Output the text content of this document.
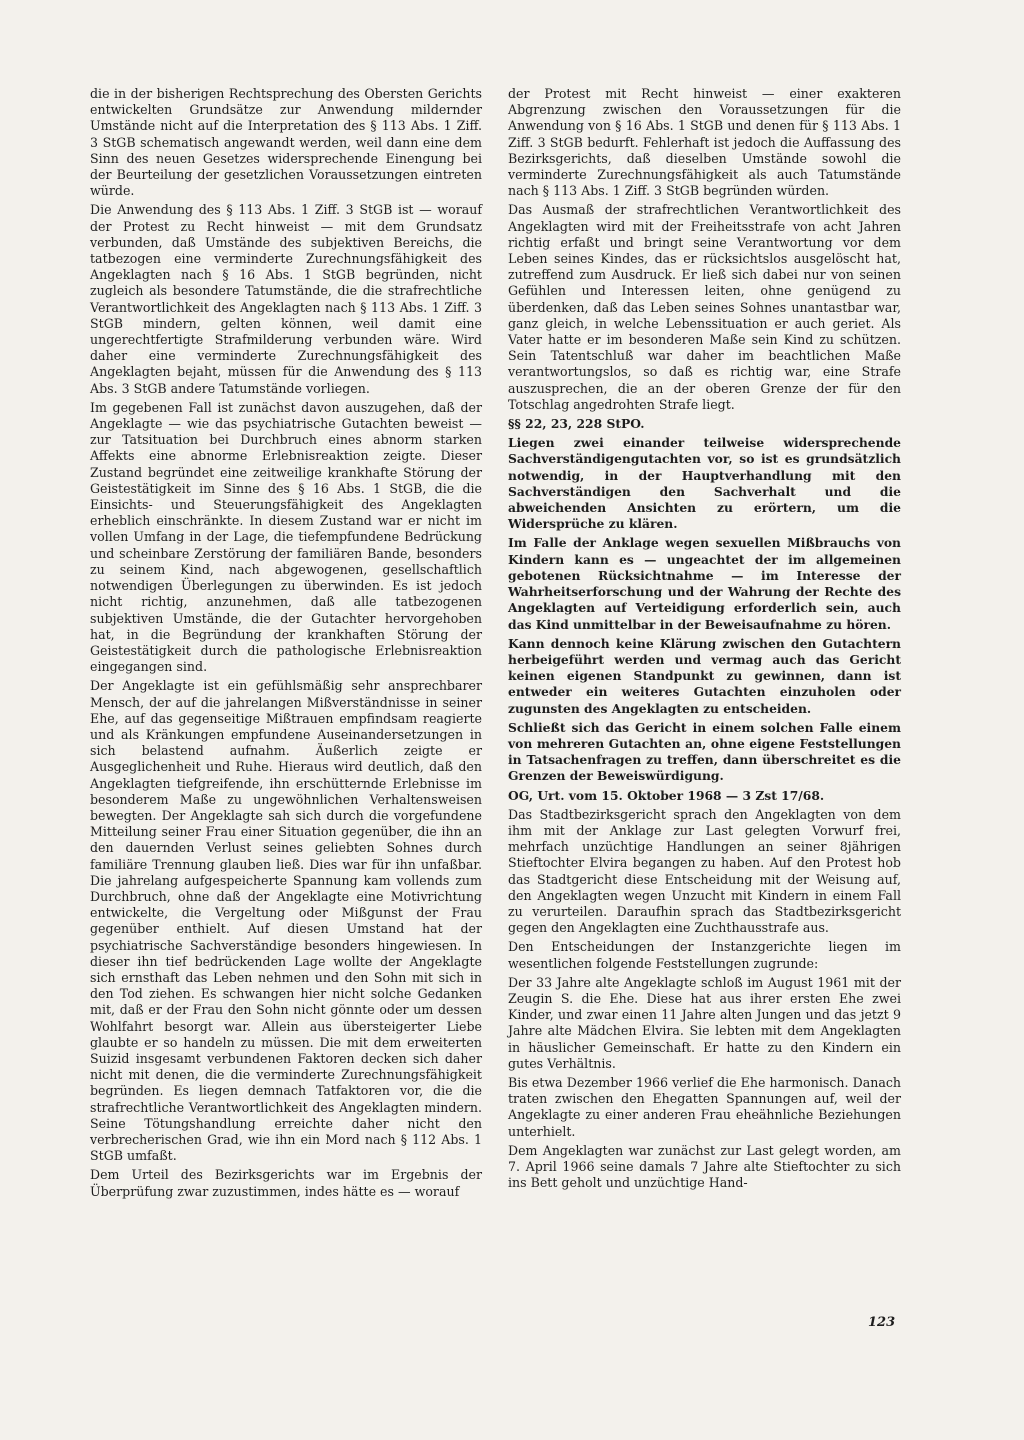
die in der bisherigen Rechtsprechung des Obersten Gerichts entwickelten Grundsätze zur Anwendung mildernder Umstände nicht auf die Interpretation des § 113 Abs. 1 Ziff. 3 StGB schematisch angewandt werden, weil dann eine dem Sinn des neuen Gesetzes widersprechende Einengung bei der Beurteilung der gesetzlichen Voraussetzungen eintreten würde.

Die Anwendung des § 113 Abs. 1 Ziff. 3 StGB ist — worauf der Protest zu Recht hinweist — mit dem Grundsatz verbunden, daß Umstände des subjektiven Bereichs, die tatbezogen eine verminderte Zurechnungsfähigkeit des Angeklagten nach § 16 Abs. 1 StGB begründen, nicht zugleich als besondere Tatumstände, die die strafrechtliche Verantwortlichkeit des Angeklagten nach § 113 Abs. 1 Ziff. 3 StGB mindern, gelten können, weil damit eine ungerechtfertigte Strafmilderung verbunden wäre. Wird daher eine verminderte Zurechnungsfähigkeit des Angeklagten bejaht, müssen für die Anwendung des § 113 Abs. 3 StGB andere Tatumstände vorliegen.

Im gegebenen Fall ist zunächst davon auszugehen, daß der Angeklagte — wie das psychiatrische Gutachten beweist — zur Tatsituation bei Durchbruch eines abnorm starken Affekts eine abnorme Erlebnisreaktion zeigte. Dieser Zustand begründet eine zeitweilige krankhafte Störung der Geistestätigkeit im Sinne des § 16 Abs. 1 StGB, die die Einsichts- und Steuerungsfähigkeit des Angeklagten erheblich einschränkte. In diesem Zustand war er nicht im vollen Umfang in der Lage, die tiefempfundene Bedrückung und scheinbare Zerstörung der familiären Bande, besonders zu seinem Kind, nach abgewogenen, gesellschaftlich notwendigen Überlegungen zu überwinden. Es ist jedoch nicht richtig, anzunehmen, daß alle tatbezogenen subjektiven Umstände, die der Gutachter hervorgehoben hat, in die Begründung der krankhaften Störung der Geistestätigkeit durch die pathologische Erlebnisreaktion eingegangen sind.

Der Angeklagte ist ein gefühlsmäßig sehr ansprechbarer Mensch, der auf die jahrelangen Mißverständnisse in seiner Ehe, auf das gegenseitige Mißtrauen empfindsam reagierte und als Kränkungen empfundene Auseinandersetzungen in sich belastend aufnahm. Äußerlich zeigte er Ausgeglichenheit und Ruhe. Hieraus wird deutlich, daß den Angeklagten tiefgreifende, ihn erschütternde Erlebnisse im besonderem Maße zu ungewöhnlichen Verhaltensweisen bewegten. Der Angeklagte sah sich durch die vorgefundene Mitteilung seiner Frau einer Situation gegenüber, die ihn an den dauernden Verlust seines geliebten Sohnes durch familiäre Trennung glauben ließ. Dies war für ihn unfaßbar. Die jahrelang aufgespeicherte Spannung kam vollends zum Durchbruch, ohne daß der Angeklagte eine Motivrichtung entwickelte, die Vergeltung oder Mißgunst der Frau gegenüber enthielt. Auf diesen Umstand hat der psychiatrische Sachverständige besonders hingewiesen. In dieser ihn tief bedrückenden Lage wollte der Angeklagte sich ernsthaft das Leben nehmen und den Sohn mit sich in den Tod ziehen. Es schwangen hier nicht solche Gedanken mit, daß er der Frau den Sohn nicht gönnte oder um dessen Wohlfahrt besorgt war. Allein aus übersteigerter Liebe glaubte er so handeln zu müssen. Die mit dem erweiterten Suizid insgesamt verbundenen Faktoren decken sich daher nicht mit denen, die die verminderte Zurechnungsfähigkeit begründen. Es liegen demnach Tatfaktoren vor, die die strafrechtliche Verantwortlichkeit des Angeklagten mindern. Seine Tötungshandlung erreichte daher nicht den verbrecherischen Grad, wie ihn ein Mord nach § 112 Abs. 1 StGB umfaßt.

Dem Urteil des Bezirksgerichts war im Ergebnis der Überprüfung zwar zuzustimmen, indes hätte es — worauf

der Protest mit Recht hinweist — einer exakteren Abgrenzung zwischen den Voraussetzungen für die Anwendung von § 16 Abs. 1 StGB und denen für § 113 Abs. 1 Ziff. 3 StGB bedurft. Fehlerhaft ist jedoch die Auffassung des Bezirksgerichts, daß dieselben Umstände sowohl die verminderte Zurechnungsfähigkeit als auch Tatumstände nach § 113 Abs. 1 Ziff. 3 StGB begründen würden.

Das Ausmaß der strafrechtlichen Verantwortlichkeit des Angeklagten wird mit der Freiheitsstrafe von acht Jahren richtig erfaßt und bringt seine Verantwortung vor dem Leben seines Kindes, das er rücksichtslos ausgelöscht hat, zutreffend zum Ausdruck. Er ließ sich dabei nur von seinen Gefühlen und Interessen leiten, ohne genügend zu überdenken, daß das Leben seines Sohnes unantastbar war, ganz gleich, in welche Lebenssituation er auch geriet. Als Vater hatte er im besonderen Maße sein Kind zu schützen. Sein Tatentschluß war daher im beachtlichen Maße verantwortungslos, so daß es richtig war, eine Strafe auszusprechen, die an der oberen Grenze der für den Totschlag angedrohten Strafe liegt.

§§ 22, 23, 228 StPO.

Liegen zwei einander teilweise widersprechende Sachverständigengutachten vor, so ist es grundsätzlich notwendig, in der Hauptverhandlung mit den Sachverständigen den Sachverhalt und die abweichenden Ansichten zu erörtern, um die Widersprüche zu klären.

Im Falle der Anklage wegen sexuellen Mißbrauchs von Kindern kann es — ungeachtet der im allgemeinen gebotenen Rücksichtnahme — im Interesse der Wahrheitserforschung und der Wahrung der Rechte des Angeklagten auf Verteidigung erforderlich sein, auch das Kind unmittelbar in der Beweisaufnahme zu hören.

Kann dennoch keine Klärung zwischen den Gutachtern herbeigeführt werden und vermag auch das Gericht keinen eigenen Standpunkt zu gewinnen, dann ist entweder ein weiteres Gutachten einzuholen oder zugunsten des Angeklagten zu entscheiden.

Schließt sich das Gericht in einem solchen Falle einem von mehreren Gutachten an, ohne eigene Feststellungen in Tatsachenfragen zu treffen, dann überschreitet es die Grenzen der Beweiswürdigung.

OG, Urt. vom 15. Oktober 1968 — 3 Zst 17/68.

Das Stadtbezirksgericht sprach den Angeklagten von dem ihm mit der Anklage zur Last gelegten Vorwurf frei, mehrfach unzüchtige Handlungen an seiner 8jährigen Stieftochter Elvira begangen zu haben. Auf den Protest hob das Stadtgericht diese Entscheidung mit der Weisung auf, den Angeklagten wegen Unzucht mit Kindern in einem Fall zu verurteilen. Daraufhin sprach das Stadtbezirksgericht gegen den Angeklagten eine Zuchthausstrafe aus.

Den Entscheidungen der Instanzgerichte liegen im wesentlichen folgende Feststellungen zugrunde:

Der 33 Jahre alte Angeklagte schloß im August 1961 mit der Zeugin S. die Ehe. Diese hat aus ihrer ersten Ehe zwei Kinder, und zwar einen 11 Jahre alten Jungen und das jetzt 9 Jahre alte Mädchen Elvira. Sie lebten mit dem Angeklagten in häuslicher Gemeinschaft. Er hatte zu den Kindern ein gutes Verhältnis.

Bis etwa Dezember 1966 verlief die Ehe harmonisch. Danach traten zwischen den Ehegatten Spannungen auf, weil der Angeklagte zu einer anderen Frau eheähnliche Beziehungen unterhielt.

Dem Angeklagten war zunächst zur Last gelegt worden, am 7. April 1966 seine damals 7 Jahre alte Stieftochter zu sich ins Bett geholt und unzüchtige Hand-

123
